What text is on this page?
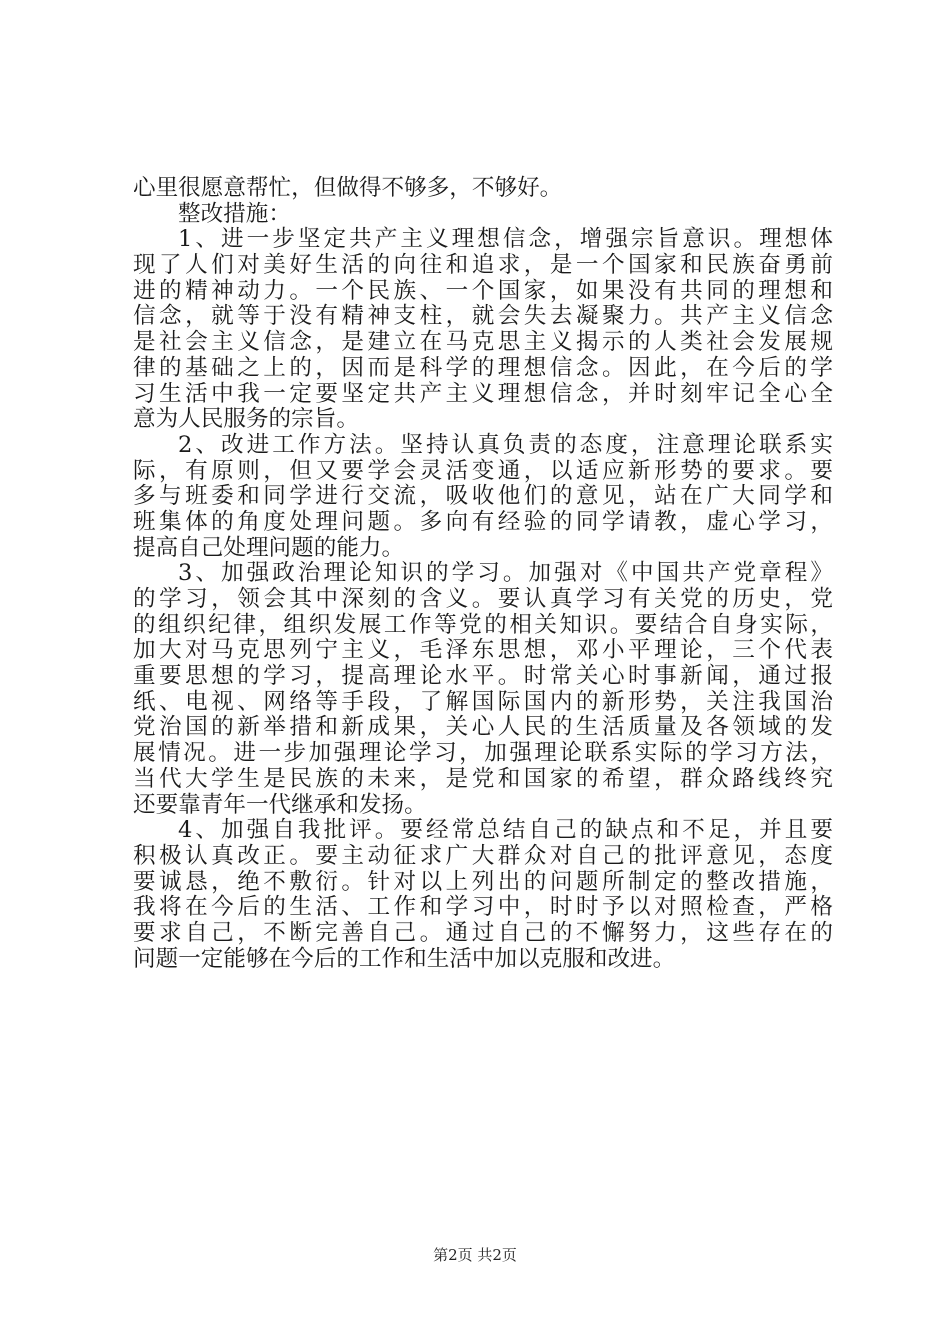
心里很愿意帮忙，但做得不够多，不够好。
整改措施：
1、进一步坚定共产主义理想信念，增强宗旨意识。理想体
现了人们对美好生活的向往和追求，是一个国家和民族奋勇前
进的精神动力。一个民族、一个国家，如果没有共同的理想和
信念，就等于没有精神支柱，就会失去凝聚力。共产主义信念
是社会主义信念，是建立在马克思主义揭示的人类社会发展规
律的基础之上的，因而是科学的理想信念。因此，在今后的学
习生活中我一定要坚定共产主义理想信念，并时刻牢记全心全
意为人民服务的宗旨。
2、改进工作方法。坚持认真负责的态度，注意理论联系实
际，有原则，但又要学会灵活变通，以适应新形势的要求。要
多与班委和同学进行交流，吸收他们的意见，站在广大同学和
班集体的角度处理问题。多向有经验的同学请教，虚心学习，
提高自己处理问题的能力。
3、加强政治理论知识的学习。加强对《中国共产党章程》
的学习，领会其中深刻的含义。要认真学习有关党的历史，党
的组织纪律，组织发展工作等党的相关知识。要结合自身实际，
加大对马克思列宁主义，毛泽东思想，邓小平理论，三个代表
重要思想的学习，提高理论水平。时常关心时事新闻，通过报
纸、电视、网络等手段，了解国际国内的新形势，关注我国治
党治国的新举措和新成果，关心人民的生活质量及各领域的发
展情况。进一步加强理论学习，加强理论联系实际的学习方法，
当代大学生是民族的未来，是党和国家的希望，群众路线终究
还要靠青年一代继承和发扬。
4、加强自我批评。要经常总结自己的缺点和不足，并且要
积极认真改正。要主动征求广大群众对自己的批评意见，态度
要诚恳，绝不敷衍。针对以上列出的问题所制定的整改措施，
我将在今后的生活、工作和学习中，时时予以对照检查，严格
要求自己，不断完善自己。通过自己的不懈努力，这些存在的
问题一定能够在今后的工作和生活中加以克服和改进。
第2页 共2页
